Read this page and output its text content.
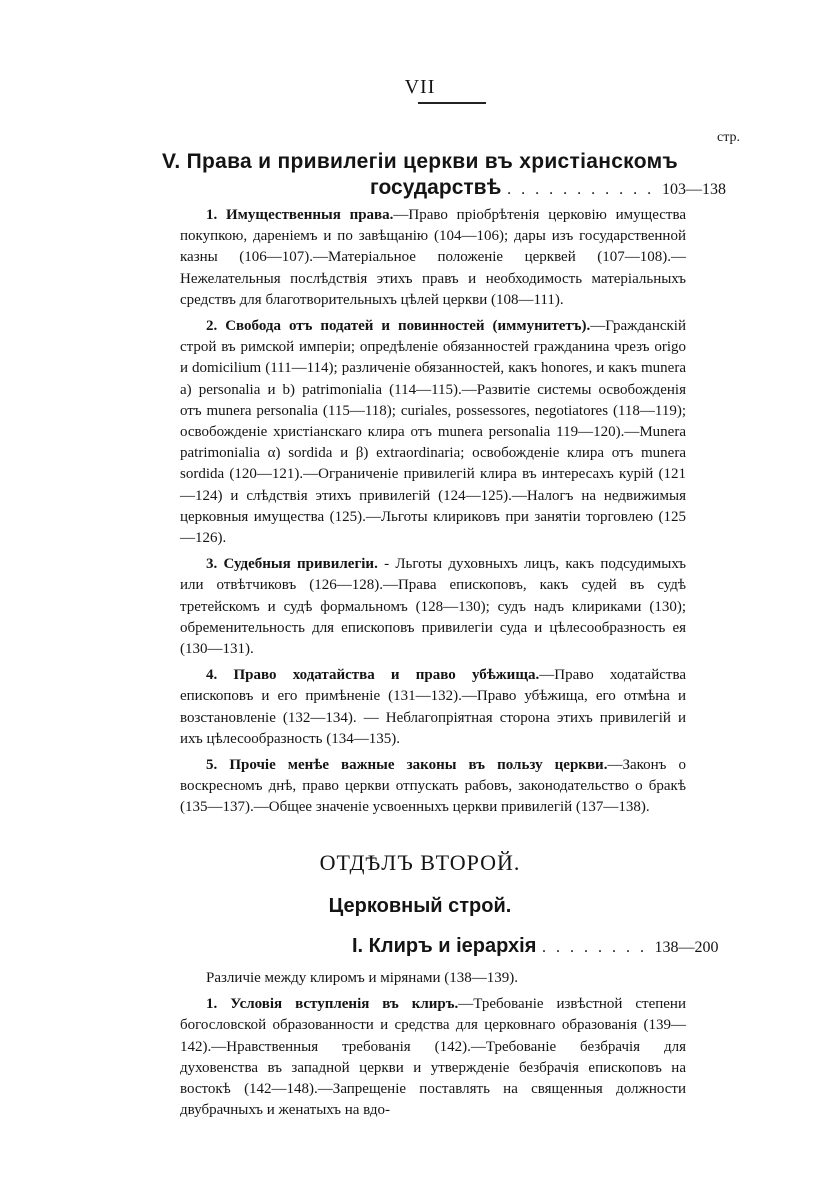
VII
стр.
V. Права и привилегіи церкви въ христіанскомъ
государствѣ . . . . . . . . . . . 103—138

1. Имущественныя права.—Право пріобрѣтенія церковію имущества покупкою, дареніемъ и по завѣщанію (104—106); дары изъ государственной казны (106—107).—Матеріальное положеніе церквей (107—108).—Нежелательныя послѣдствія этихъ правъ и необходимость матеріальныхъ средствъ для благотворительныхъ цѣлей церкви (108—111).

2. Свобода отъ податей и повинностей (иммунитетъ).—Гражданскій строй въ римской имперіи; опредѣленіе обязанностей гражданина чрезъ origo и domicilium (111—114); различеніе обязанностей, какъ honores, и какъ munera a) personalia и b) patrimonialia (114—115).—Развитіе системы освобожденія отъ munera personalia (115—118); curiales, possessores, negotiatores (118—119); освобожденіе христіанскаго клира отъ munera personalia 119—120).—Munera patrimonialia α) sordida и β) extraordinaria; освобожденіе клира отъ munera sordida (120—121).—Ограниченіе привилегій клира въ интересахъ курій (121—124) и слѣдствія этихъ привилегій (124—125).—Налогъ на недвижимыя церковныя имущества (125).—Льготы клириковъ при занятіи торговлею (125—126).

3. Судебныя привилегіи. - Льготы духовныхъ лицъ, какъ подсудимыхъ или отвѣтчиковъ (126—128).—Права епископовъ, какъ судей въ судѣ третейскомъ и судѣ формальномъ (128—130); судъ надъ клириками (130); обременительность для епископовъ привилегіи суда и цѣлесообразность ея (130—131).

4. Право ходатайства и право убѣжища.—Право ходатайства епископовъ и его примѣненіе (131—132).—Право убѣжища, его отмѣна и возстановленіе (132—134). — Неблагопріятная сторона этихъ привилегій и ихъ цѣлесообразность (134—135).

5. Прочіе менѣе важные законы въ пользу церкви.—Законъ о воскресномъ днѣ, право церкви отпускать рабовъ, законодательство о бракѣ (135—137).—Общее значеніе усвоенныхъ церкви привилегій (137—138).

ОТДѢЛЪ ВТОРОЙ.
Церковный строй.
I. Клиръ и іерархія . . . . . . . . 138—200

Различіе между клиромъ и мірянами (138—139).

1. Условія вступленія въ клиръ.—Требованіе извѣстной степени богословской образованности и средства для церковнаго образованія (139—142).—Нравственныя требованія (142).—Требованіе безбрачія для духовенства въ западной церкви и утвержденіе безбрачія епископовъ на востокѣ (142—148).—Запрещеніе поставлять на священныя должности двубрачныхъ и женатыхъ на вдо-
